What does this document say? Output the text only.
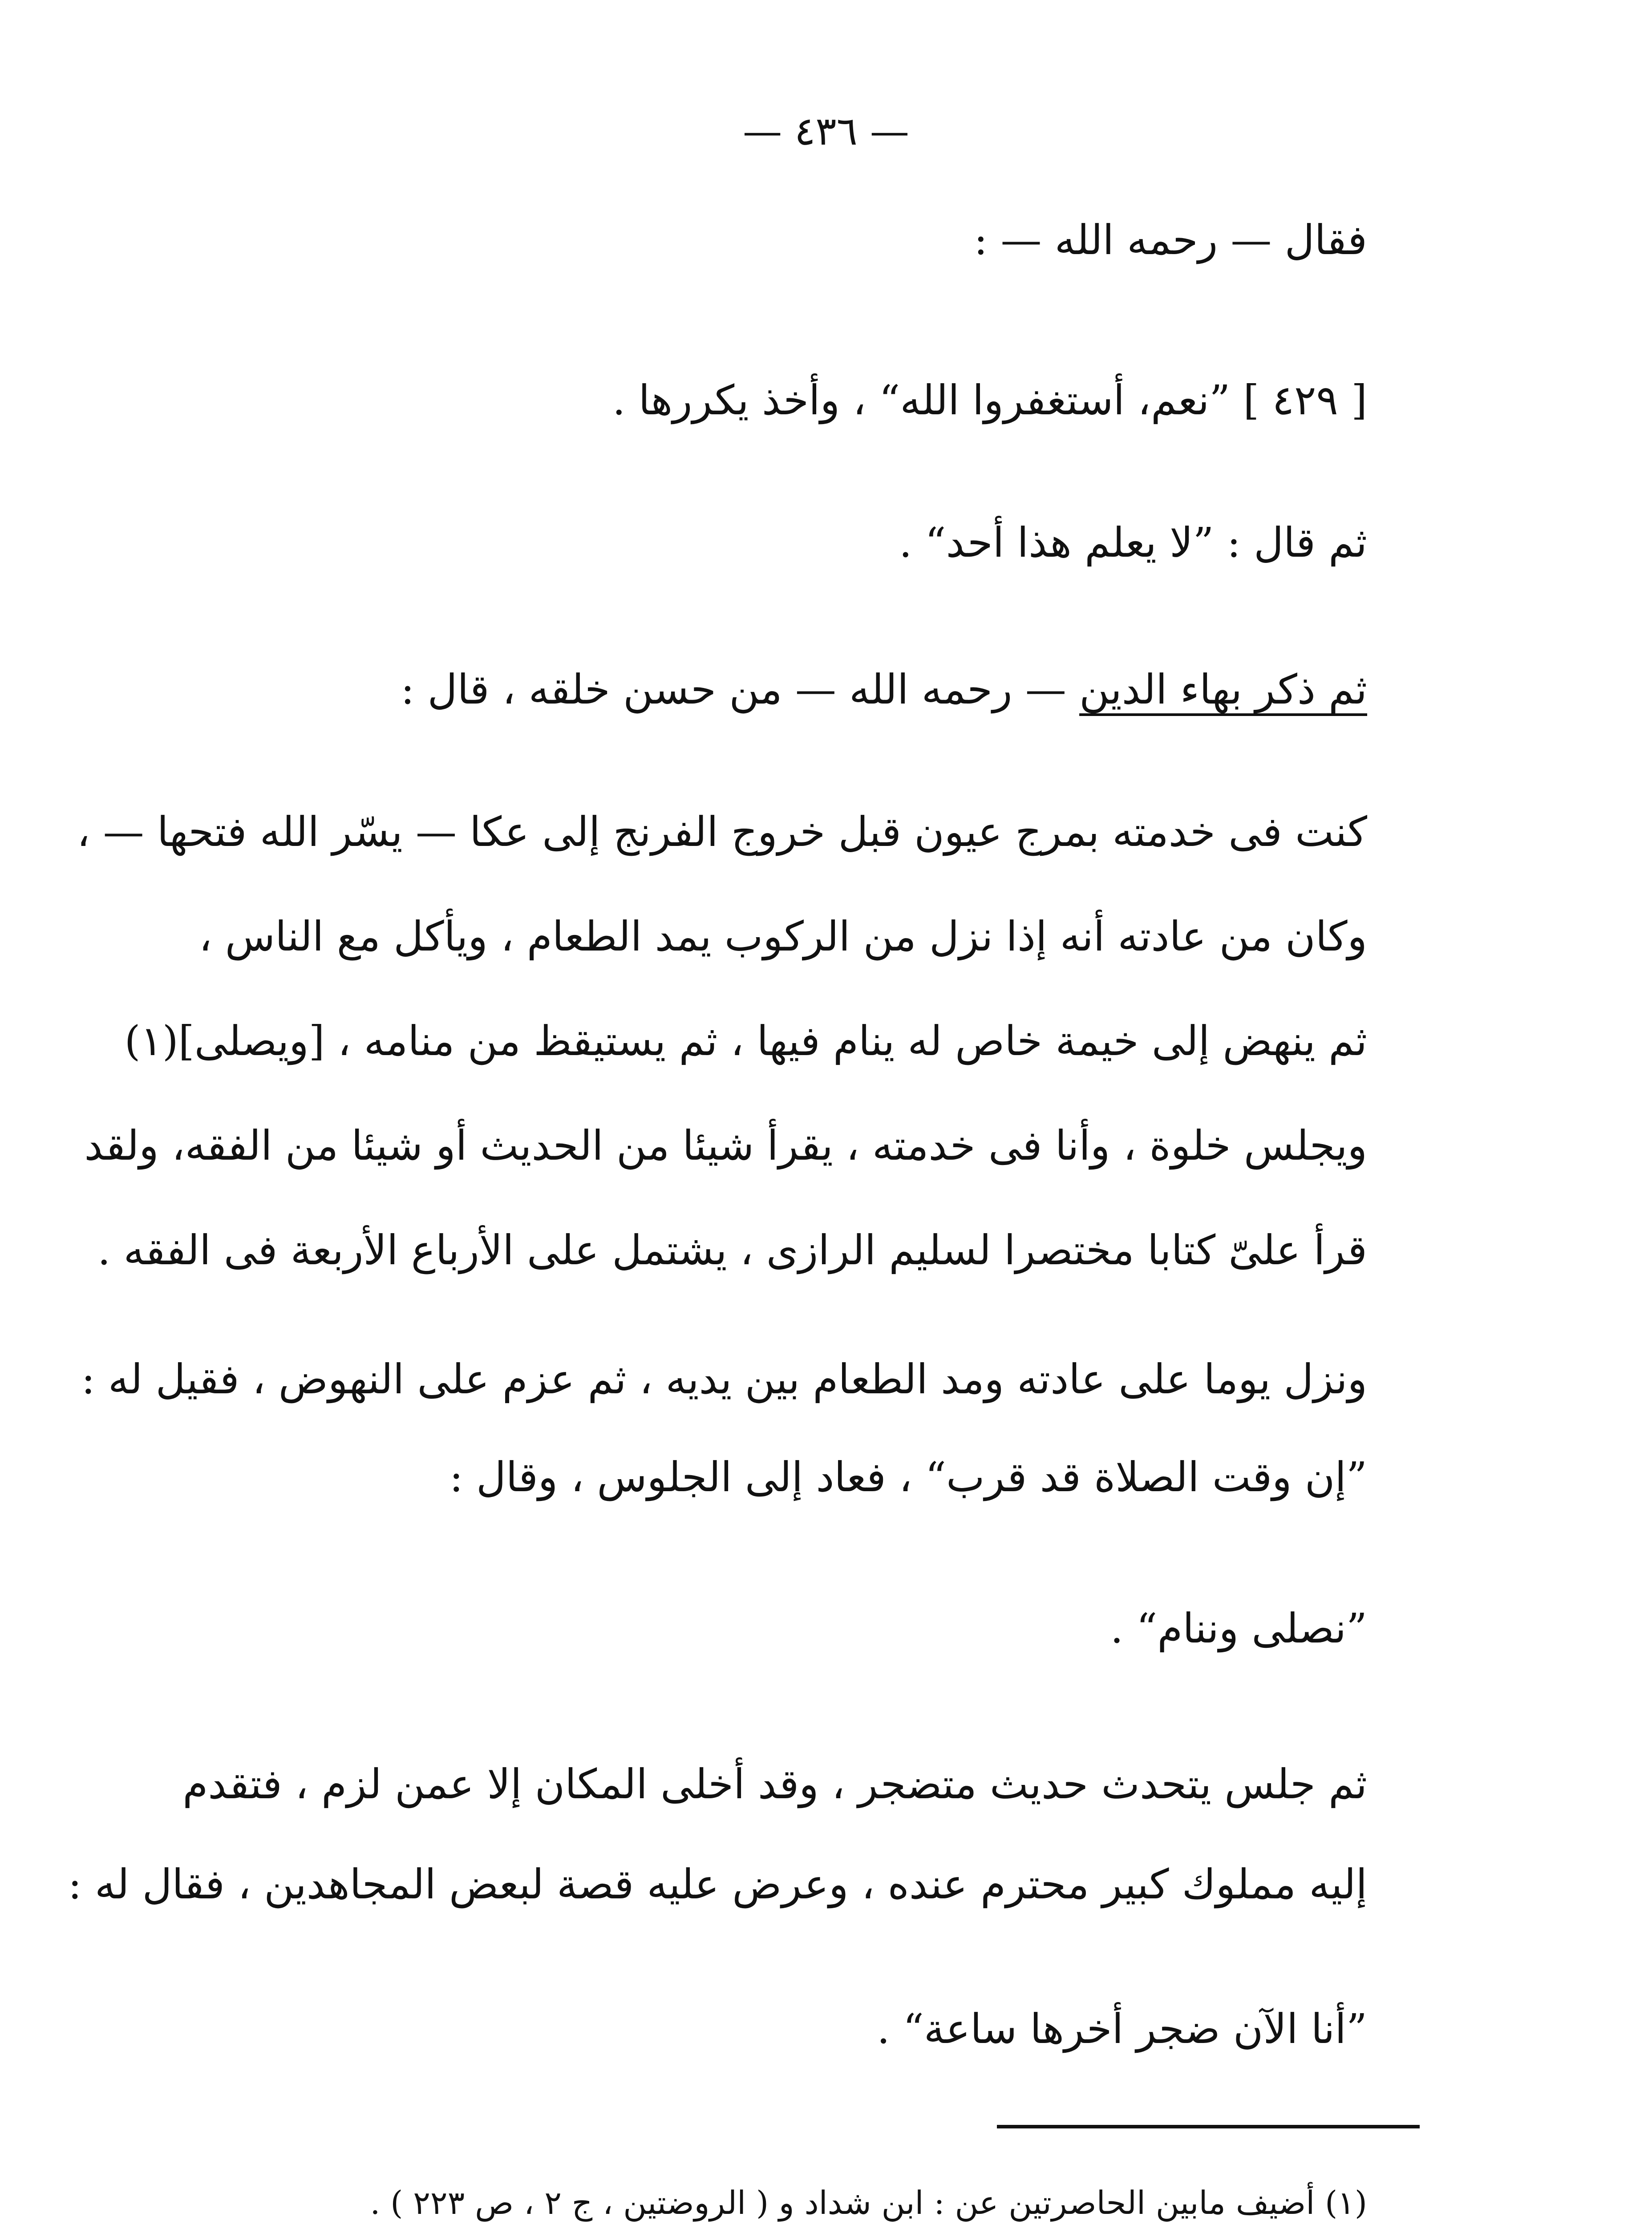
— ٤٣٦ —
فقال — رحمه الله — :
[ ٤٢٩ ] ”نعم، أستغفروا الله“ ، وأخذ يكررها .
ثم قال : ”لا يعلم هذا أحد“ .
ثم ذكر بهاء الدين — رحمه الله — من حسن خلقه ، قال :
كنت فى خدمته بمرج عيون قبل خروج الفرنج إلى عكا — يسّر الله فتحها — ،
وكان من عادته أنه إذا نزل من الركوب يمد الطعام ، ويأكل مع الناس ،
ثم ينهض إلى خيمة خاص له ينام فيها ، ثم يستيقظ من منامه ، [ويصلى](١)
ويجلس خلوة ، وأنا فى خدمته ، يقرأ شيئا من الحديث أو شيئا من الفقه، ولقد
قرأ علىّ كتابا مختصرا لسليم الرازى ، يشتمل على الأرباع الأربعة فى الفقه .
ونزل يوما على عادته ومد الطعام بين يديه ، ثم عزم على النهوض ، فقيل له :
”إن وقت الصلاة قد قرب“ ، فعاد إلى الجلوس ، وقال :
”نصلى وننام“ .
ثم جلس يتحدث حديث متضجر ، وقد أخلى المكان إلا عمن لزم ، فتقدم
إليه مملوك كبير محترم عنده ، وعرض عليه قصة لبعض المجاهدين ، فقال له :
”أنا الآن ضجر أخرها ساعة“ .
(١) أضيف مابين الحاصرتين عن : ابن شداد و ( الروضتين ، ج ٢ ، ص ٢٢٣ ) .
